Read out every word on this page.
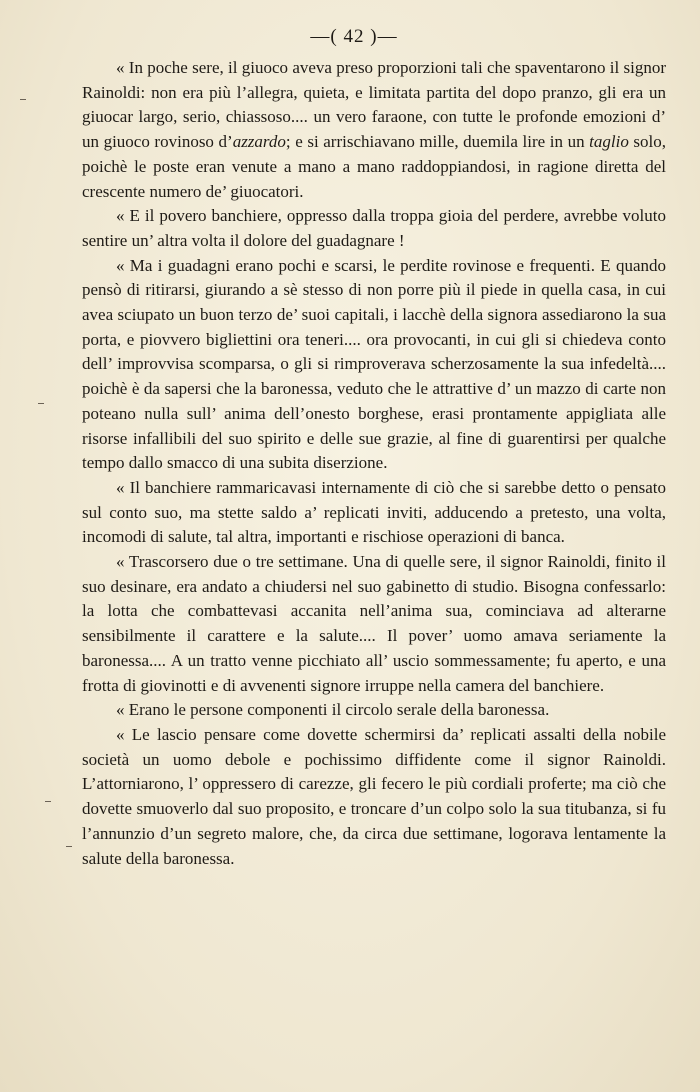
—( 42 )—

« In poche sere, il giuoco aveva preso proporzioni tali che spaventarono il signor Rainoldi: non era più l’allegra, quieta, e limitata partita del dopo pranzo, gli era un giuocar largo, serio, chiassoso.... un vero faraone, con tutte le profonde emozioni d’ un giuoco rovinoso d’azzardo; e si arrischiavano mille, duemila lire in un taglio solo, poichè le poste eran venute a mano a mano raddoppiandosi, in ragione diretta del crescente numero de’ giuocatori.

« E il povero banchiere, oppresso dalla troppa gioia del perdere, avrebbe voluto sentire un’ altra volta il dolore del guadagnare !

« Ma i guadagni erano pochi e scarsi, le perdite rovinose e frequenti. E quando pensò di ritirarsi, giurando a sè stesso di non porre più il piede in quella casa, in cui avea sciupato un buon terzo de’ suoi capitali, i lacchè della signora assediarono la sua porta, e piovvero bigliettini ora teneri.... ora provocanti, in cui gli si chiedeva conto dell’ improvvisa scomparsa, o gli si rimproverava scherzosamente la sua infedeltà.... poichè è da sapersi che la baronessa, veduto che le attrattive d’ un mazzo di carte non poteano nulla sull’ anima dell’onesto borghese, erasi prontamente appigliata alle risorse infallibili del suo spirito e delle sue grazie, al fine di guarentirsi per qualche tempo dallo smacco di una subita diserzione.

« Il banchiere rammaricavasi internamente di ciò che si sarebbe detto o pensato sul conto suo, ma stette saldo a’ replicati inviti, adducendo a pretesto, una volta, incomodi di salute, tal altra, importanti e rischiose operazioni di banca.

« Trascorsero due o tre settimane. Una di quelle sere, il signor Rainoldi, finito il suo desinare, era andato a chiudersi nel suo gabinetto di studio. Bisogna confessarlo: la lotta che combattevasi accanita nell’anima sua, cominciava ad alterarne sensibilmente il carattere e la salute.... Il pover’ uomo amava seriamente la baronessa.... A un tratto venne picchiato all’ uscio sommessamente; fu aperto, e una frotta di giovinotti e di avvenenti signore irruppe nella camera del banchiere.

« Erano le persone componenti il circolo serale della baronessa.

« Le lascio pensare come dovette schermirsi da’ replicati assalti della nobile società un uomo debole e pochissimo diffidente come il signor Rainoldi. L’attorniarono, l’ oppressero di carezze, gli fecero le più cordiali proferte; ma ciò che dovette smuoverlo dal suo proposito, e troncare d’un colpo solo la sua titubanza, si fu l’annunzio d’un segreto malore, che, da circa due settimane, logorava lentamente la salute della baronessa.
